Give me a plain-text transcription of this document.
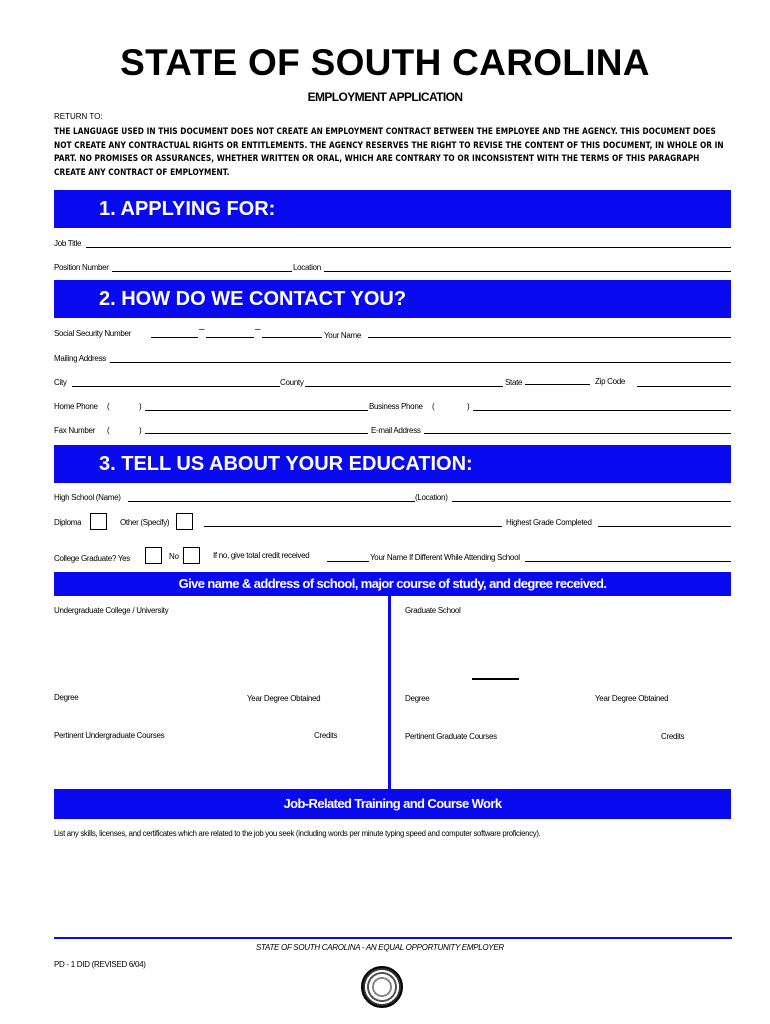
STATE OF SOUTH CAROLINA
EMPLOYMENT APPLICATION
RETURN TO:
THE LANGUAGE USED IN THIS DOCUMENT DOES NOT CREATE AN EMPLOYMENT CONTRACT BETWEEN THE EMPLOYEE AND THE AGENCY. THIS DOCUMENT DOES NOT CREATE ANY CONTRACTUAL RIGHTS OR ENTITLEMENTS. THE AGENCY RESERVES THE RIGHT TO REVISE THE CONTENT OF THIS DOCUMENT, IN WHOLE OR IN PART. NO PROMISES OR ASSURANCES, WHETHER WRITTEN OR ORAL, WHICH ARE CONTRARY TO OR INCONSISTENT WITH THE TERMS OF THIS PARAGRAPH CREATE ANY CONTRACT OF EMPLOYMENT.
1. APPLYING FOR:
Job Title
Position Number	Location
2. HOW DO WE CONTACT YOU?
Social Security Number	–	–
Your Name
Mailing Address
City	County	State	Zip Code
Home Phone (	)	Business Phone (	)
Fax Number (	)	E-mail Address
3. TELL US ABOUT YOUR EDUCATION:
High School (Name)	(Location)
Diploma	Other (Specify)	Highest Grade Completed
College Graduate? Yes	No	If no, give total credit received	Your Name If Different While Attending School
Give name & address of school, major course of study, and degree received.
Undergraduate College / University	Graduate School
Degree	Year Degree Obtained	Degree	Year Degree Obtained
Pertinent Undergraduate Courses	Credits	Pertinent Graduate Courses	Credits
Job-Related Training and Course Work
List any skills, licenses, and certificates which are related to the job you seek (including words per minute typing speed and computer software proficiency).
STATE OF SOUTH CAROLINA - AN EQUAL OPPORTUNITY EMPLOYER
PD - 1 DID (REVISED 6/04)
